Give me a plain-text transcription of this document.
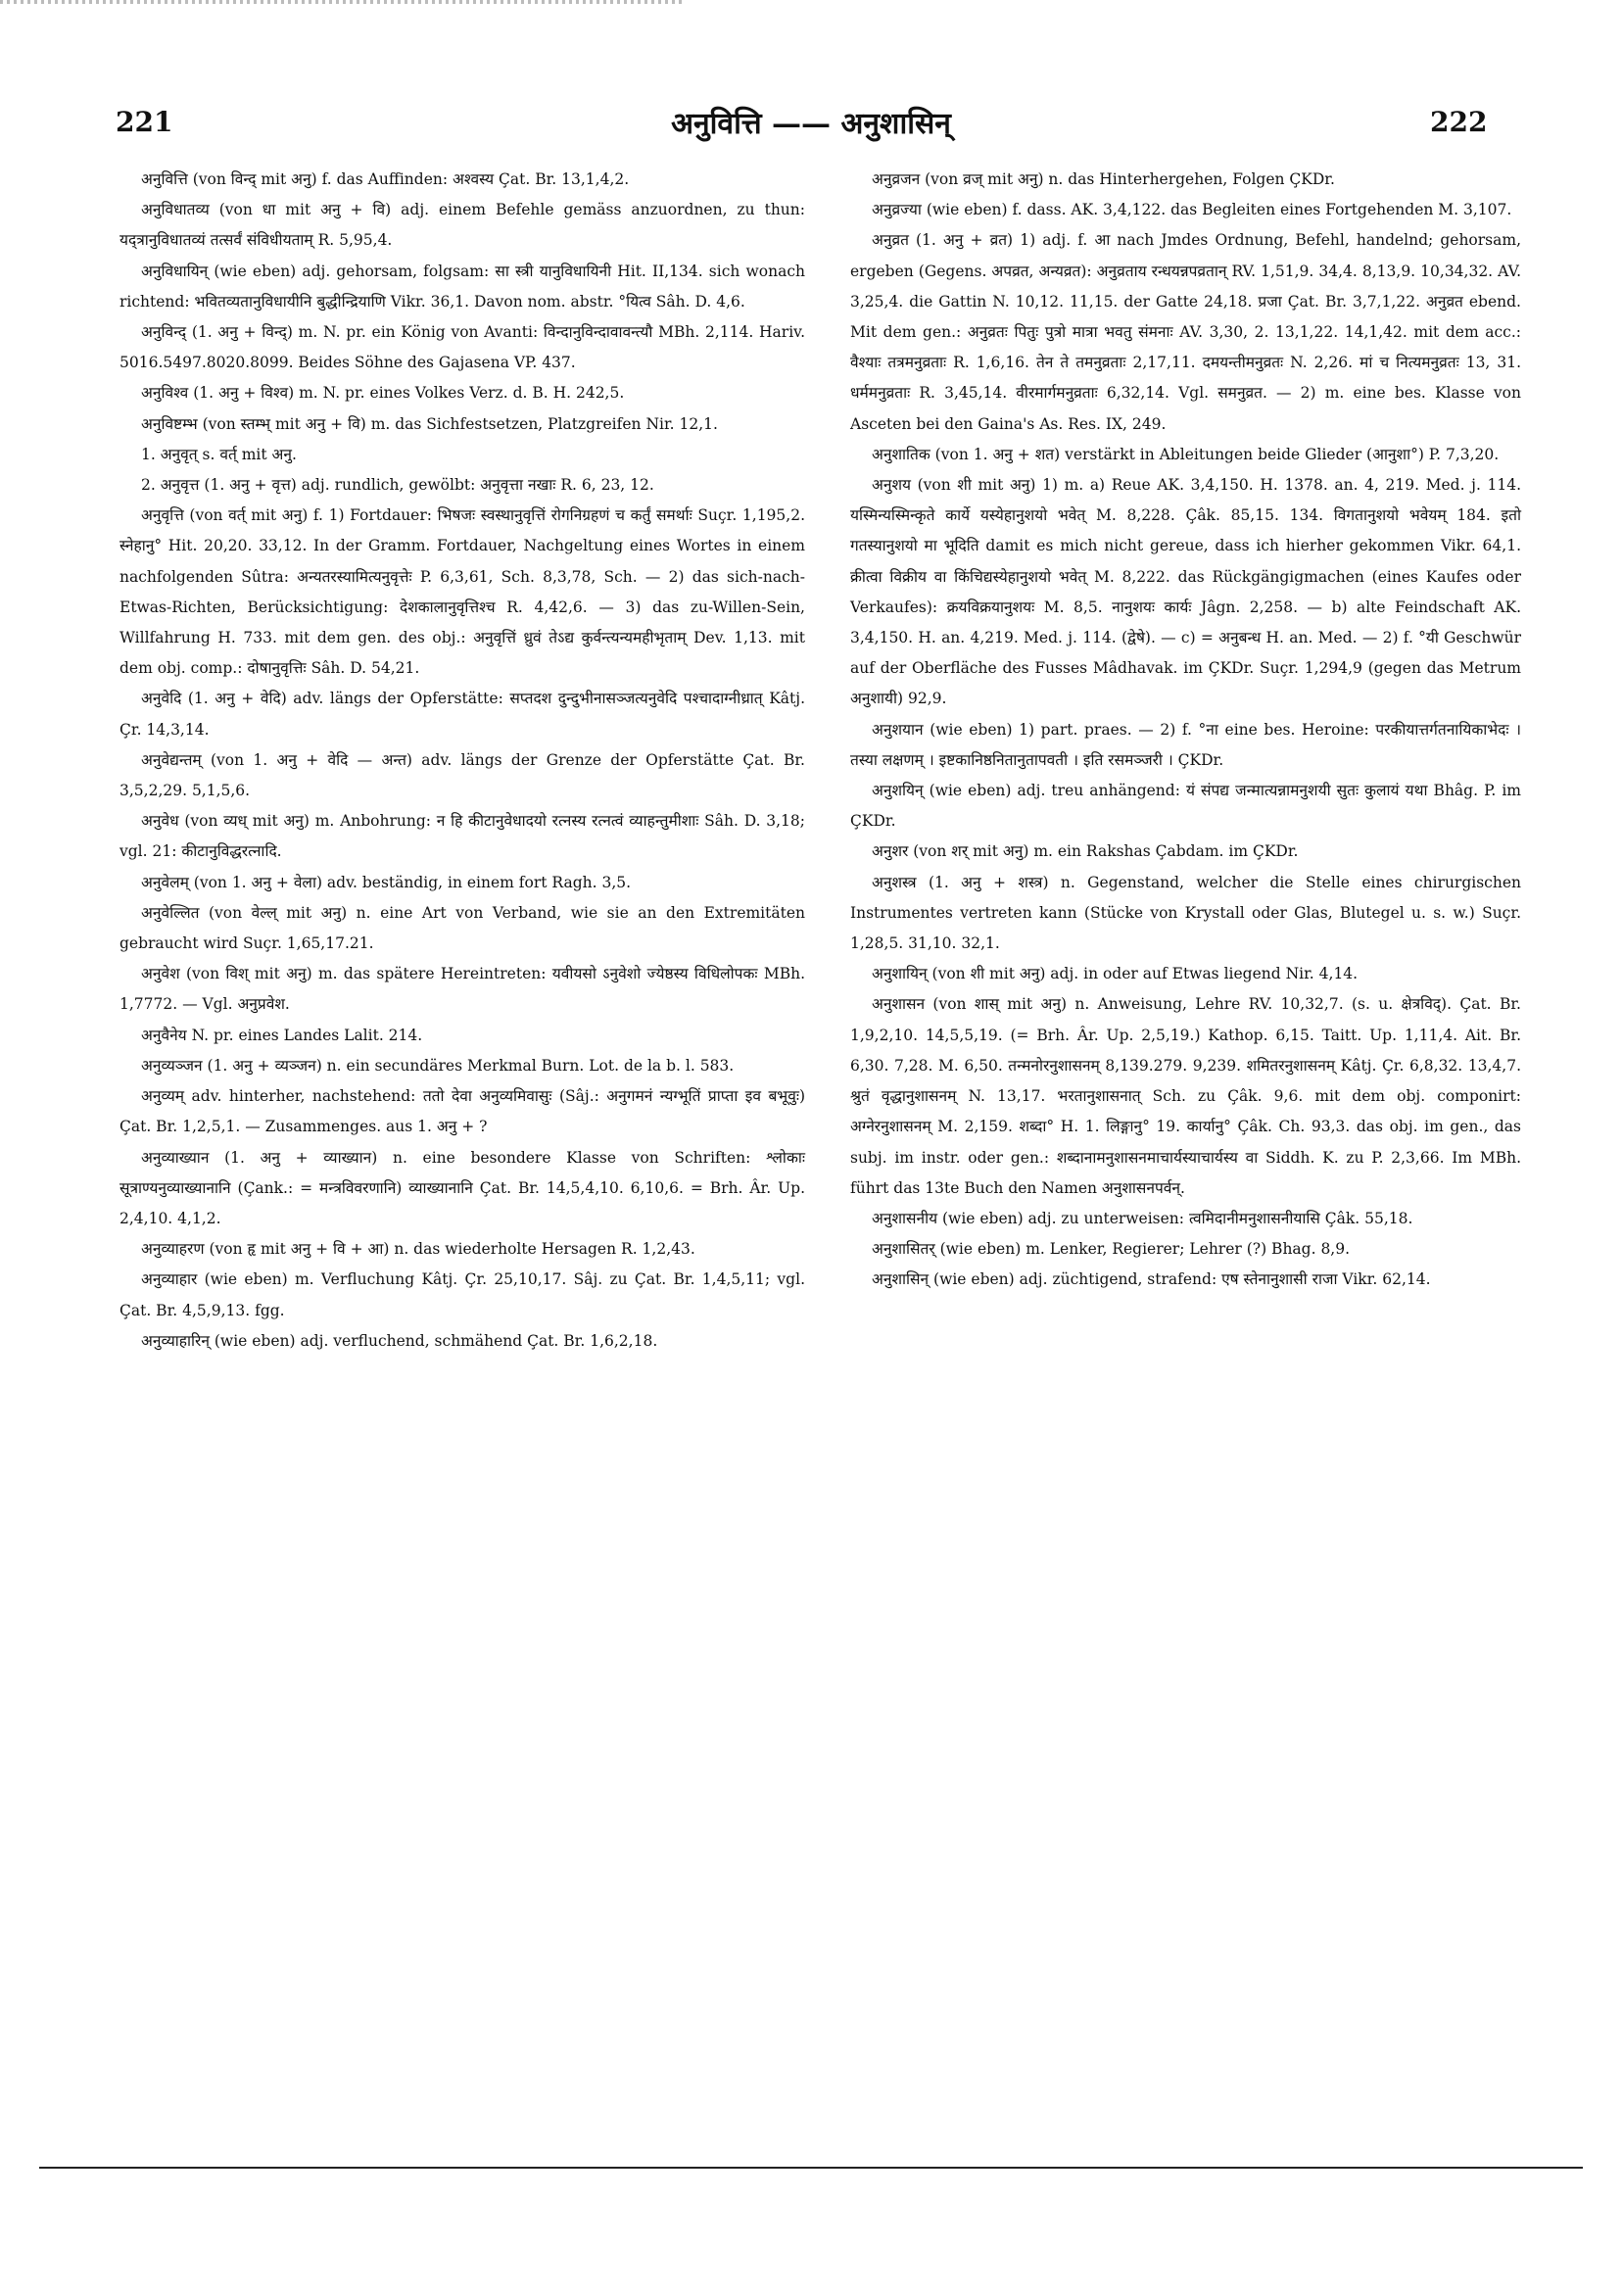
221	अनुवित्ति —— अनुशासिन्	222

अनुवित्ति (von विन्द् mit अनु) f. das Auffinden: अश्वस्य Çat. Br. 13,1,4,2.

अनुविधातव्य (von धा mit अनु + वि) adj. einem Befehle gemäss anzuordnen, zu thun: यद्त्रानुविधातव्यं तत्सर्वं संविधीयताम् R. 5,95,4.

अनुविधायिन् (wie eben) adj. gehorsam, folgsam: सा स्त्री यानुविधायिनी Hit. II,134. sich wonach richtend: भवितव्यतानुविधायीनि बुद्धीन्द्रियाणि Vikr. 36,1. Davon nom. abstr. °यित्व Sâh. D. 4,6.

अनुविन्द् (1. अनु + विन्द्) m. N. pr. ein König von Avanti: विन्दानुविन्दावावन्त्यौ MBh. 2,114. Hariv. 5016.5497.8020.8099. Beides Söhne des Gajasena VP. 437.

अनुविश्व (1. अनु + विश्व) m. N. pr. eines Volkes Verz. d. B. H. 242,5.

अनुविष्टम्भ (von स्तम्भ् mit अनु + वि) m. das Sichfestsetzen, Platzgreifen Nir. 12,1.

1. अनुवृत् s. वर्त् mit अनु.

2. अनुवृत्त (1. अनु + वृत्त) adj. rundlich, gewölbt: अनुवृत्ता नखाः R. 6, 23, 12.

अनुवृत्ति (von वर्त् mit अनु) f. 1) Fortdauer: भिषजः स्वस्थानुवृत्तिं रोगनिग्रहणं च कर्तुं समर्थाः Suçr. 1,195,2. स्नेहानु° Hit. 20,20. 33,12. In der Gramm. Fortdauer, Nachgeltung eines Wortes in einem nachfolgenden Sûtra: अन्यतरस्यामित्यनुवृत्तेः P. 6,3,61, Sch. 8,3,78, Sch. — 2) das sich-nach-Etwas-Richten, Berücksichtigung: देशकालानुवृत्तिश्च R. 4,42,6. — 3) das zu-Willen-Sein, Willfahrung H. 733. mit dem gen. des obj.: अनुवृत्तिं ध्रुवं तेऽद्य कुर्वन्त्यन्यमहीभृताम् Dev. 1,13. mit dem obj. comp.: दोषानुवृत्तिः Sâh. D. 54,21.

अनुवेदि (1. अनु + वेदि) adv. längs der Opferstätte: सप्तदश दुन्दुभीनासञ्जत्यनुवेदि पश्चादाग्नीध्रात् Kâtj. Çr. 14,3,14.

अनुवेद्यन्तम् (von 1. अनु + वेदि — अन्त) adv. längs der Grenze der Opferstätte Çat. Br. 3,5,2,29. 5,1,5,6.

अनुवेध (von व्यध् mit अनु) m. Anbohrung: न हि कीटानुवेधादयो रत्नस्य रत्नत्वं व्याहन्तुमीशाः Sâh. D. 3,18; vgl. 21: कीटानुविद्धरत्नादि.

अनुवेलम् (von 1. अनु + वेला) adv. beständig, in einem fort Ragh. 3,5.

अनुवेल्लित (von वेल्ल् mit अनु) n. eine Art von Verband, wie sie an den Extremitäten gebraucht wird Suçr. 1,65,17.21.

अनुवेश (von विश् mit अनु) m. das spätere Hereintreten: यवीयसो ऽनुवेशो ज्येष्ठस्य विधिलोपकः MBh. 1,7772. — Vgl. अनुप्रवेश.

अनुवैनेय N. pr. eines Landes Lalit. 214.

अनुव्यञ्जन (1. अनु + व्यञ्जन) n. ein secundäres Merkmal Burn. Lot. de la b. l. 583.

अनुव्यम् adv. hinterher, nachstehend: ततो देवा अनुव्यमिवासुः (Sâj.: अनुगमनं न्यग्भूतिं प्राप्ता इव बभूवुः) Çat. Br. 1,2,5,1. — Zusammenges. aus 1. अनु + ?

अनुव्याख्यान (1. अनु + व्याख्यान) n. eine besondere Klasse von Schriften: श्लोकाः सूत्राण्यनुव्याख्यानानि (Çank.: = मन्त्रविवरणानि) व्याख्यानानि Çat. Br. 14,5,4,10. 6,10,6. = Brh. Âr. Up. 2,4,10. 4,1,2.

अनुव्याहरण (von हृ mit अनु + वि + आ) n. das wiederholte Hersagen R. 1,2,43.

अनुव्याहार (wie eben) m. Verfluchung Kâtj. Çr. 25,10,17. Sâj. zu Çat. Br. 1,4,5,11; vgl. Çat. Br. 4,5,9,13. fgg.

अनुव्याहारिन् (wie eben) adj. verfluchend, schmähend Çat. Br. 1,6,2,18.

अनुव्रजन (von व्रज् mit अनु) n. das Hinterhergehen, Folgen ÇKDr.

अनुव्रज्या (wie eben) f. dass. AK. 3,4,122. das Begleiten eines Fortgehenden M. 3,107.

अनुव्रत (1. अनु + व्रत) 1) adj. f. आ nach Jmdes Ordnung, Befehl, handelnd; gehorsam, ergeben (Gegens. अपव्रत, अन्यव्रत): अनुव्रताय रन्धयन्नपव्रतान् RV. 1,51,9. 34,4. 8,13,9. 10,34,32. AV. 3,25,4. die Gattin N. 10,12. 11,15. der Gatte 24,18. प्रजा Çat. Br. 3,7,1,22. अनुव्रत ebend. Mit dem gen.: अनुव्रतः पितुः पुत्रो मात्रा भवतु संमनाः AV. 3,30, 2. 13,1,22. 14,1,42. mit dem acc.: वैश्याः तत्रमनुव्रताः R. 1,6,16. तेन ते तमनुव्रताः 2,17,11. दमयन्तीमनुव्रतः N. 2,26. मां च नित्यमनुव्रतः 13, 31. धर्ममनुव्रताः R. 3,45,14. वीरमार्गमनुव्रताः 6,32,14. Vgl. समनुव्रत. — 2) m. eine bes. Klasse von Asceten bei den Gaina's As. Res. IX, 249.

अनुशातिक (von 1. अनु + शत) verstärkt in Ableitungen beide Glieder (आनुशा°) P. 7,3,20.

अनुशय (von शी mit अनु) 1) m. a) Reue AK. 3,4,150. H. 1378. an. 4, 219. Med. j. 114. यस्मिन्यस्मिन्कृते कार्ये यस्येहानुशयो भवेत् M. 8,228. Çâk. 85,15. 134. विगतानुशयो भवेयम् 184. इतो गतस्यानुशयो मा भूदिति damit es mich nicht gereue, dass ich hierher gekommen Vikr. 64,1. क्रीत्वा विक्रीय वा किंचिद्यस्येहानुशयो भवेत् M. 8,222. das Rückgängigmachen (eines Kaufes oder Verkaufes): क्रयविक्रयानुशयः M. 8,5. नानुशयः कार्यः Jâgn. 2,258. — b) alte Feindschaft AK. 3,4,150. H. an. 4,219. Med. j. 114. (द्वेषे). — c) = अनुबन्ध H. an. Med. — 2) f. °यी Geschwür auf der Oberfläche des Fusses Mâdhavak. im ÇKDr. Suçr. 1,294,9 (gegen das Metrum अनुशायी) 92,9.

अनुशयान (wie eben) 1) part. praes. — 2) f. °ना eine bes. Heroine: परकीयात्तर्गतनायिकाभेदः । तस्या लक्षणम् । इष्टकानिष्ठनितानुतापवती । इति रसमञ्जरी । ÇKDr.

अनुशयिन् (wie eben) adj. treu anhängend: यं संपद्य जन्मात्यन्नामनुशयी सुतः कुलायं यथा Bhâg. P. im ÇKDr.

अनुशर (von शर् mit अनु) m. ein Rakshas Çabdam. im ÇKDr.

अनुशस्त्र (1. अनु + शस्त्र) n. Gegenstand, welcher die Stelle eines chirurgischen Instrumentes vertreten kann (Stücke von Krystall oder Glas, Blutegel u. s. w.) Suçr. 1,28,5. 31,10. 32,1.

अनुशायिन् (von शी mit अनु) adj. in oder auf Etwas liegend Nir. 4,14.

अनुशासन (von शास् mit अनु) n. Anweisung, Lehre RV. 10,32,7. (s. u. क्षेत्रविद्). Çat. Br. 1,9,2,10. 14,5,5,19. (= Brh. Âr. Up. 2,5,19.) Kathop. 6,15. Taitt. Up. 1,11,4. Ait. Br. 6,30. 7,28. M. 6,50. तन्मनोरनुशासनम् 8,139.279. 9,239. शमितरनुशासनम् Kâtj. Çr. 6,8,32. 13,4,7. श्रुतं वृद्धानुशासनम् N. 13,17. भरतानुशासनात् Sch. zu Çâk. 9,6. mit dem obj. componirt: अग्नेरनुशासनम् M. 2,159. शब्दा° H. 1. लिङ्गानु° 19. कार्यानु° Çâk. Ch. 93,3. das obj. im gen., das subj. im instr. oder gen.: शब्दानामनुशासनमाचार्यस्याचार्यस्य वा Siddh. K. zu P. 2,3,66. Im MBh. führt das 13te Buch den Namen अनुशासनपर्वन्.

अनुशासनीय (wie eben) adj. zu unterweisen: त्वमिदानीमनुशासनीयासि Çâk. 55,18.

अनुशासितर् (wie eben) m. Lenker, Regierer; Lehrer (?) Bhag. 8,9.

अनुशासिन् (wie eben) adj. züchtigend, strafend: एष स्तेनानुशासी राजा Vikr. 62,14.
